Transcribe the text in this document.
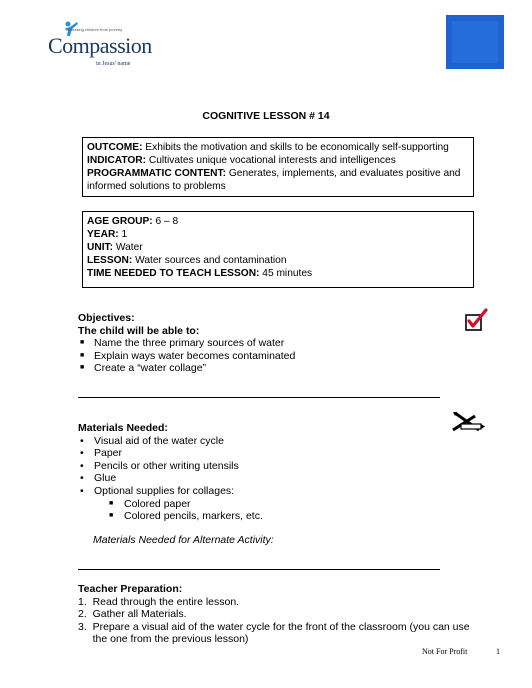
Releasing children from poverty
Compassion
in Jesus' name
COGNITIVE LESSON # 14
OUTCOME: Exhibits the motivation and skills to be economically self-supporting
INDICATOR: Cultivates unique vocational interests and intelligences
PROGRAMMATIC CONTENT: Generates, implements, and evaluates positive and informed solutions to problems
AGE GROUP: 6 – 8
YEAR: 1
UNIT: Water
LESSON: Water sources and contamination
TIME NEEDED TO TEACH LESSON: 45 minutes
Objectives:
The child will be able to:
■ Name the three primary sources of water
■ Explain ways water becomes contaminated
■ Create a “water collage”
Materials Needed:
• Visual aid of the water cycle
• Paper
• Pencils or other writing utensils
• Glue
• Optional supplies for collages:
■ Colored paper
■ Colored pencils, markers, etc.
Materials Needed for Alternate Activity:
Teacher Preparation:
1.  Read through the entire lesson.
2.  Gather all Materials.
3.  Prepare a visual aid of the water cycle for the front of the classroom (you can use
the one from the previous lesson)
Not For Profit	1
